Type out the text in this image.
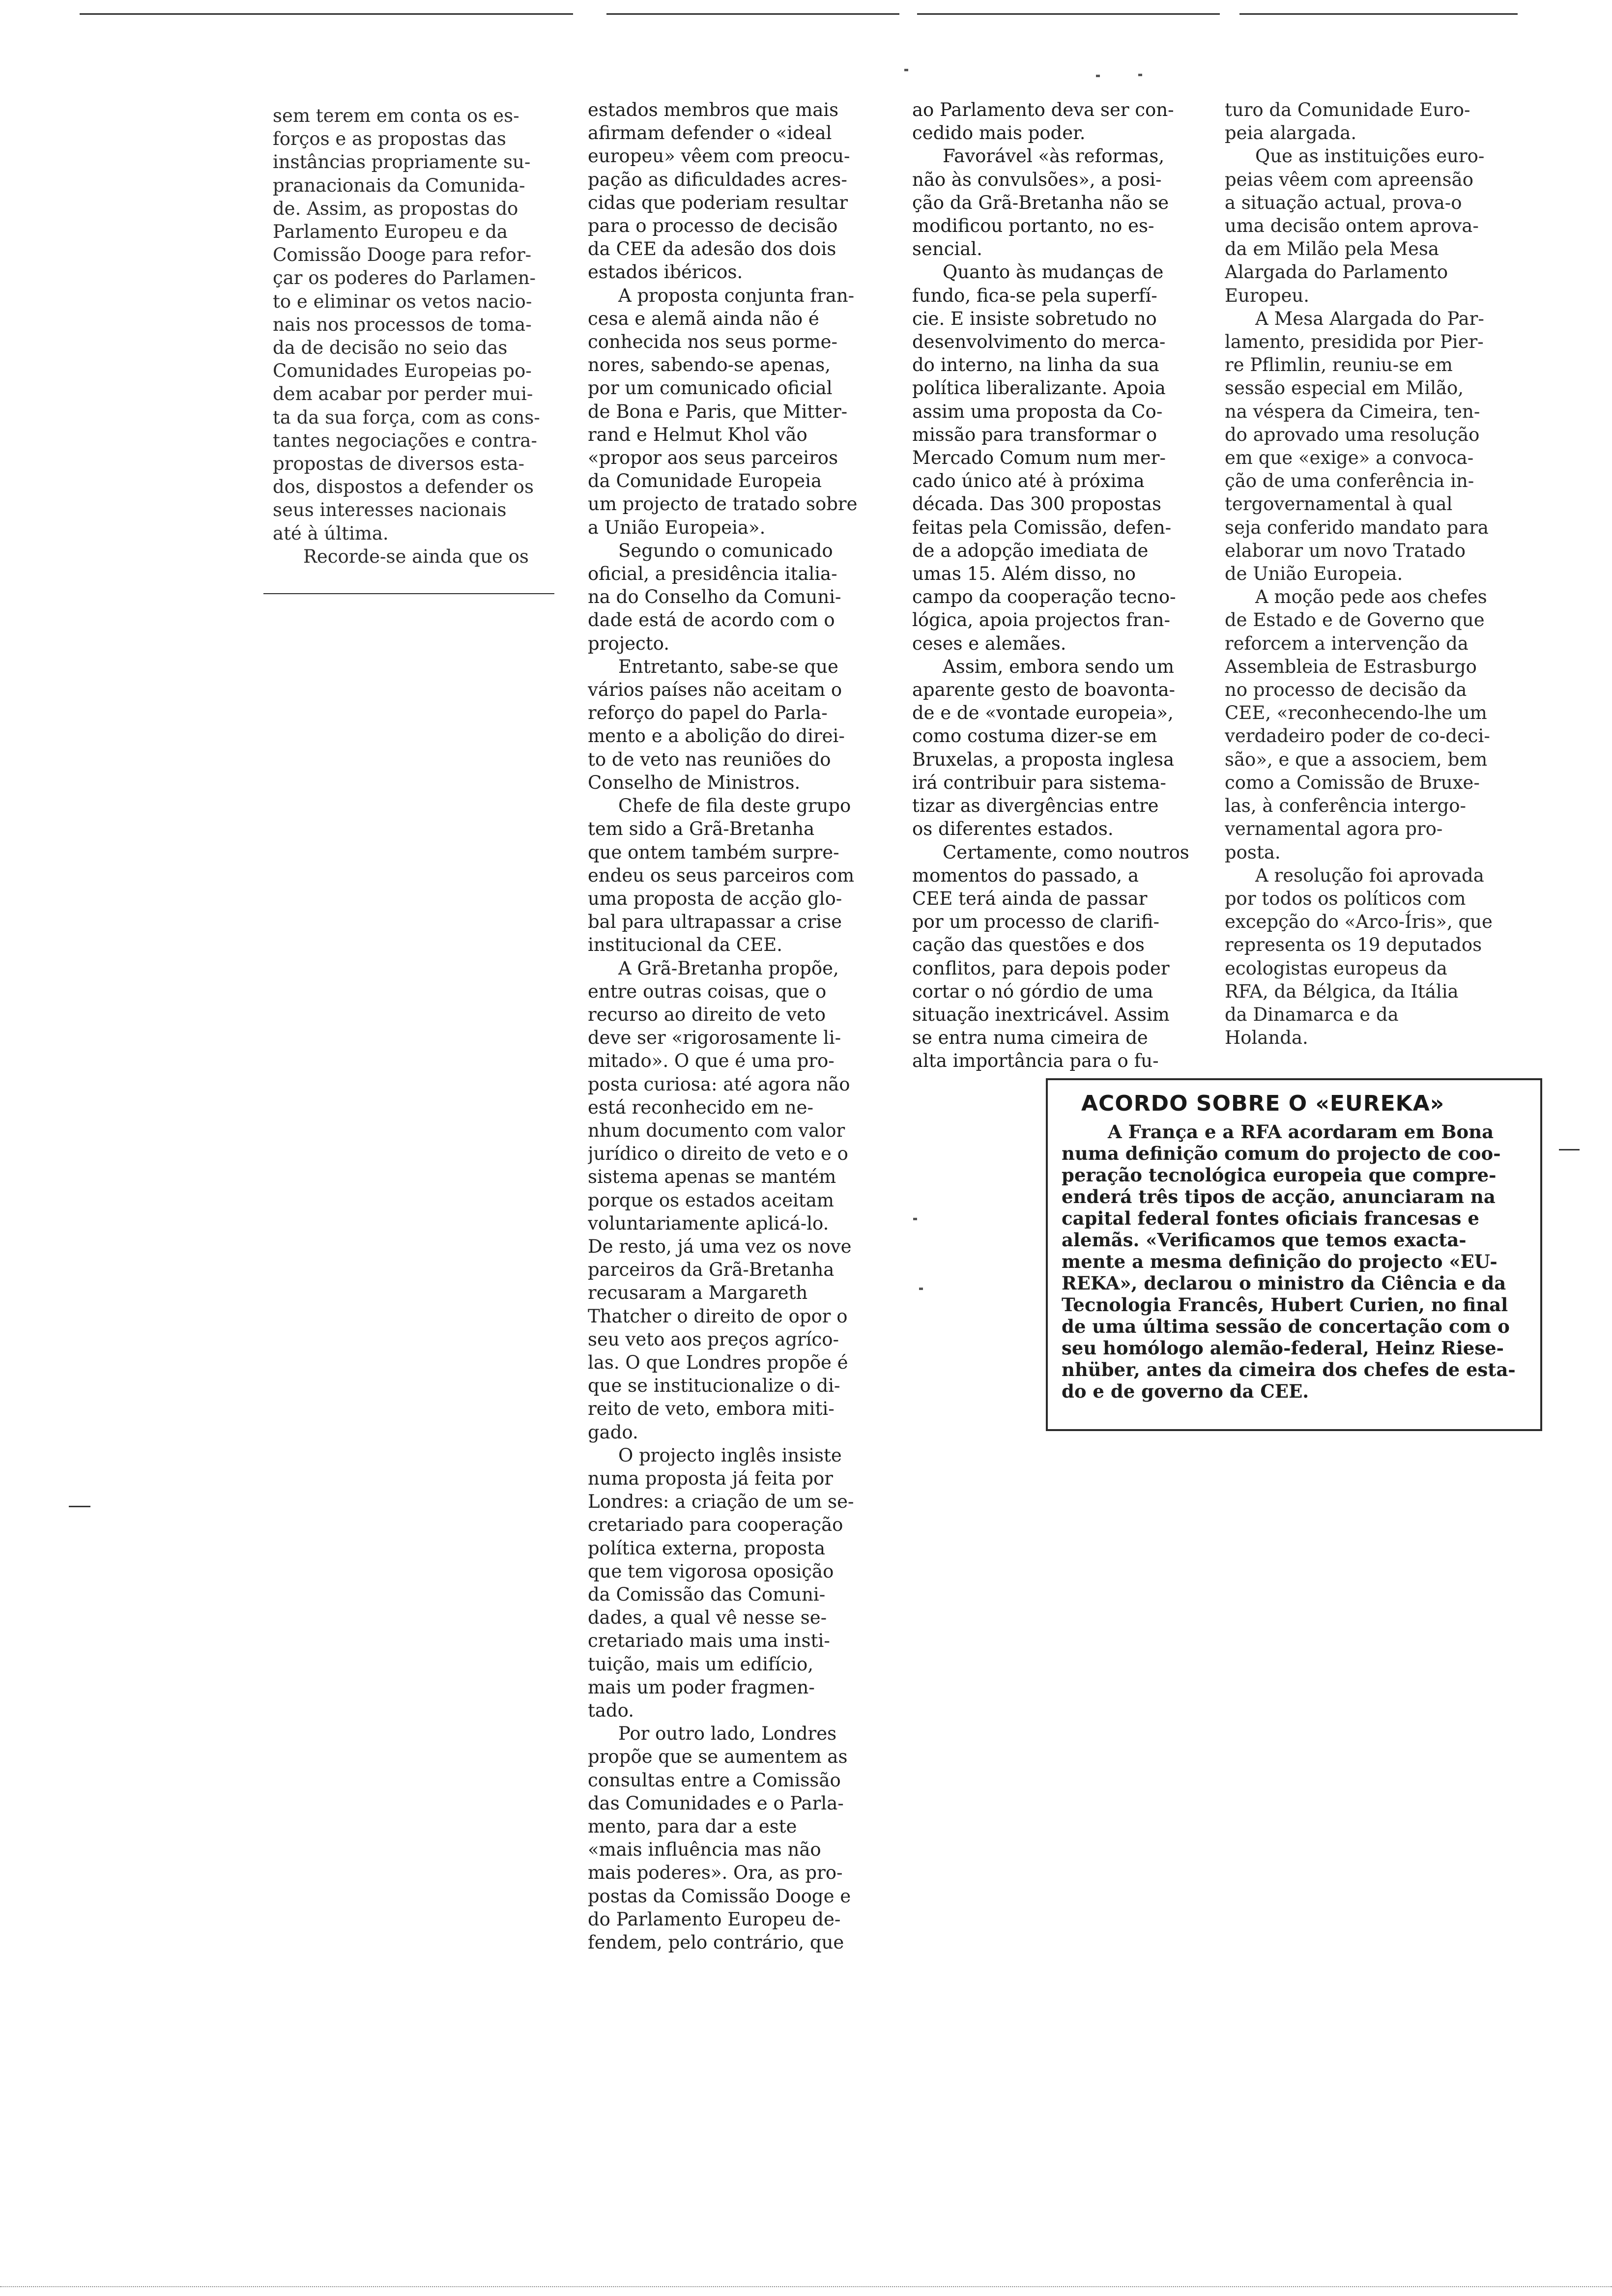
sem terem em conta os es-

forços e as propostas das

instâncias propriamente su-

pranacionais da Comunida-

de. Assim, as propostas do

Parlamento Europeu e da

Comissão Dooge para refor-

çar os poderes do Parlamen-

to e eliminar os vetos nacio-

nais nos processos de toma-

da de decisão no seio das

Comunidades Europeias po-

dem acabar por perder mui-

ta da sua força, com as cons-

tantes negociações e contra-

propostas de diversos esta-

dos, dispostos a defender os

seus interesses nacionais

até à última.

Recorde-se ainda que os

estados membros que mais

afirmam defender o «ideal

europeu» vêem com preocu-

pação as dificuldades acres-

cidas que poderiam resultar

para o processo de decisão

da CEE da adesão dos dois

estados ibéricos.

A proposta conjunta fran-

cesa e alemã ainda não é

conhecida nos seus porme-

nores, sabendo-se apenas,

por um comunicado oficial

de Bona e Paris, que Mitter-

rand e Helmut Khol vão

«propor aos seus parceiros

da Comunidade Europeia

um projecto de tratado sobre

a União Europeia».

Segundo o comunicado

oficial, a presidência italia-

na do Conselho da Comuni-

dade está de acordo com o

projecto.

Entretanto, sabe-se que

vários países não aceitam o

reforço do papel do Parla-

mento e a abolição do direi-

to de veto nas reuniões do

Conselho de Ministros.

Chefe de fila deste grupo

tem sido a Grã-Bretanha

que ontem também surpre-

endeu os seus parceiros com

uma proposta de acção glo-

bal para ultrapassar a crise

institucional da CEE.

A Grã-Bretanha propõe,

entre outras coisas, que o

recurso ao direito de veto

deve ser «rigorosamente li-

mitado». O que é uma pro-

posta curiosa: até agora não

está reconhecido em ne-

nhum documento com valor

jurídico o direito de veto e o

sistema apenas se mantém

porque os estados aceitam

voluntariamente aplicá-lo.

De resto, já uma vez os nove

parceiros da Grã-Bretanha

recusaram a Margareth

Thatcher o direito de opor o

seu veto aos preços agríco-

las. O que Londres propõe é

que se institucionalize o di-

reito de veto, embora miti-

gado.

O projecto inglês insiste

numa proposta já feita por

Londres: a criação de um se-

cretariado para cooperação

política externa, proposta

que tem vigorosa oposição

da Comissão das Comuni-

dades, a qual vê nesse se-

cretariado mais uma insti-

tuição, mais um edifício,

mais um poder fragmen-

tado.

Por outro lado, Londres

propõe que se aumentem as

consultas entre a Comissão

das Comunidades e o Parla-

mento, para dar a este

«mais influência mas não

mais poderes». Ora, as pro-

postas da Comissão Dooge e

do Parlamento Europeu de-

fendem, pelo contrário, que

ao Parlamento deva ser con-

cedido mais poder.

Favorável «às reformas,

não às convulsões», a posi-

ção da Grã-Bretanha não se

modificou portanto, no es-

sencial.

Quanto às mudanças de

fundo, fica-se pela superfí-

cie. E insiste sobretudo no

desenvolvimento do merca-

do interno, na linha da sua

política liberalizante. Apoia

assim uma proposta da Co-

missão para transformar o

Mercado Comum num mer-

cado único até à próxima

década. Das 300 propostas

feitas pela Comissão, defen-

de a adopção imediata de

umas 15. Além disso, no

campo da cooperação tecno-

lógica, apoia projectos fran-

ceses e alemães.

Assim, embora sendo um

aparente gesto de boavonta-

de e de «vontade europeia»,

como costuma dizer-se em

Bruxelas, a proposta inglesa

irá contribuir para sistema-

tizar as divergências entre

os diferentes estados.

Certamente, como noutros

momentos do passado, a

CEE terá ainda de passar

por um processo de clarifi-

cação das questões e dos

conflitos, para depois poder

cortar o nó górdio de uma

situação inextricável. Assim

se entra numa cimeira de

alta importância para o fu-

turo da Comunidade Euro-

peia alargada.

Que as instituições euro-

peias vêem com apreensão

a situação actual, prova-o

uma decisão ontem aprova-

da em Milão pela Mesa

Alargada do Parlamento

Europeu.

A Mesa Alargada do Par-

lamento, presidida por Pier-

re Pflimlin, reuniu-se em

sessão especial em Milão,

na véspera da Cimeira, ten-

do aprovado uma resolução

em que «exige» a convoca-

ção de uma conferência in-

tergovernamental à qual

seja conferido mandato para

elaborar um novo Tratado

de União Europeia.

A moção pede aos chefes

de Estado e de Governo que

reforcem a intervenção da

Assembleia de Estrasburgo

no processo de decisão da

CEE, «reconhecendo-lhe um

verdadeiro poder de co-deci-

são», e que a associem, bem

como a Comissão de Bruxe-

las, à conferência intergo-

vernamental agora pro-

posta.

A resolução foi aprovada

por todos os políticos com

excepção do «Arco-Íris», que

representa os 19 deputados

ecologistas europeus da

RFA, da Bélgica, da Itália

da Dinamarca e da

Holanda.

ACORDO SOBRE O «EUREKA»

A França e a RFA acordaram em Bona

numa definição comum do projecto de coo-

peração tecnológica europeia que compre-

enderá três tipos de acção, anunciaram na

capital federal fontes oficiais francesas e

alemãs. «Verificamos que temos exacta-

mente a mesma definição do projecto «EU-

REKA», declarou o ministro da Ciência e da

Tecnologia Francês, Hubert Curien, no final

de uma última sessão de concertação com o

seu homólogo alemão-federal, Heinz Riese-

nhüber, antes da cimeira dos chefes de esta-

do e de governo da CEE.
